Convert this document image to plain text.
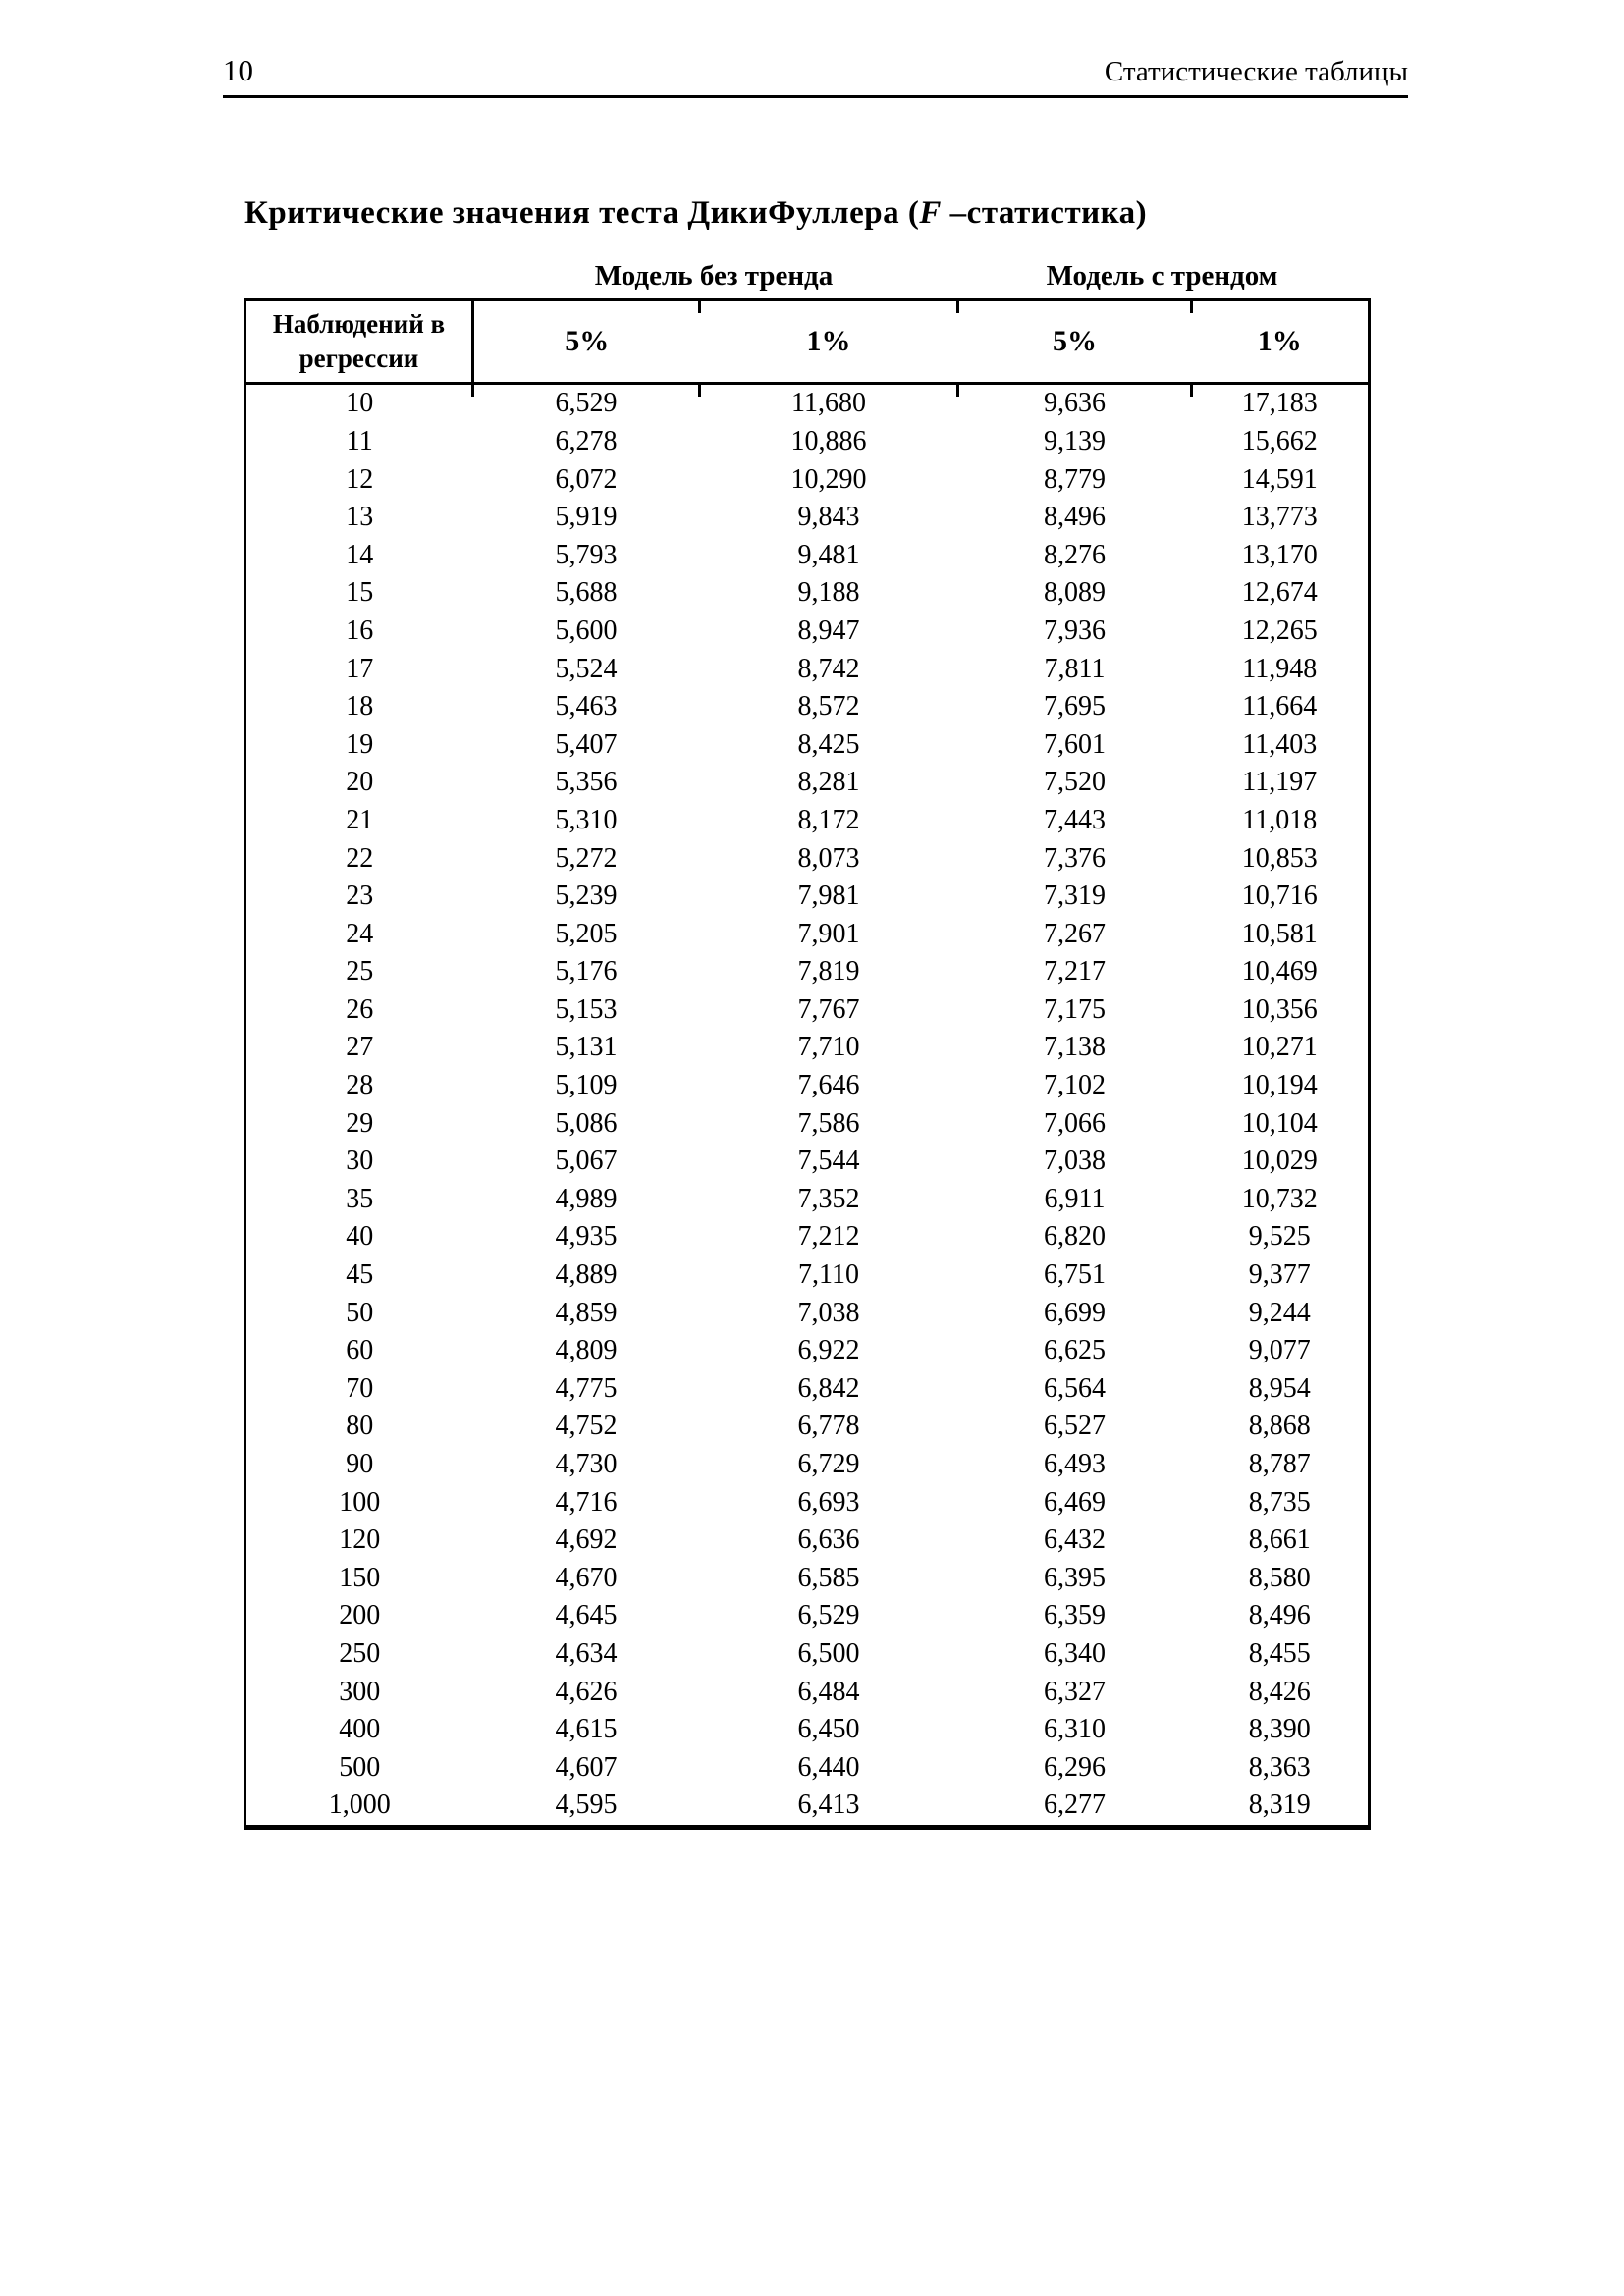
10	Статистические таблицы
Критические значения теста ДикиФуллера (F –статистика)
Модель без тренда	Модель с трендом
Наблюдений в регрессии	5%	1%	5%	1%
10	6,529	11,680	9,636	17,183
11	6,278	10,886	9,139	15,662
12	6,072	10,290	8,779	14,591
13	5,919	9,843	8,496	13,773
14	5,793	9,481	8,276	13,170
15	5,688	9,188	8,089	12,674
16	5,600	8,947	7,936	12,265
17	5,524	8,742	7,811	11,948
18	5,463	8,572	7,695	11,664
19	5,407	8,425	7,601	11,403
20	5,356	8,281	7,520	11,197
21	5,310	8,172	7,443	11,018
22	5,272	8,073	7,376	10,853
23	5,239	7,981	7,319	10,716
24	5,205	7,901	7,267	10,581
25	5,176	7,819	7,217	10,469
26	5,153	7,767	7,175	10,356
27	5,131	7,710	7,138	10,271
28	5,109	7,646	7,102	10,194
29	5,086	7,586	7,066	10,104
30	5,067	7,544	7,038	10,029
35	4,989	7,352	6,911	10,732
40	4,935	7,212	6,820	9,525
45	4,889	7,110	6,751	9,377
50	4,859	7,038	6,699	9,244
60	4,809	6,922	6,625	9,077
70	4,775	6,842	6,564	8,954
80	4,752	6,778	6,527	8,868
90	4,730	6,729	6,493	8,787
100	4,716	6,693	6,469	8,735
120	4,692	6,636	6,432	8,661
150	4,670	6,585	6,395	8,580
200	4,645	6,529	6,359	8,496
250	4,634	6,500	6,340	8,455
300	4,626	6,484	6,327	8,426
400	4,615	6,450	6,310	8,390
500	4,607	6,440	6,296	8,363
1,000	4,595	6,413	6,277	8,319
